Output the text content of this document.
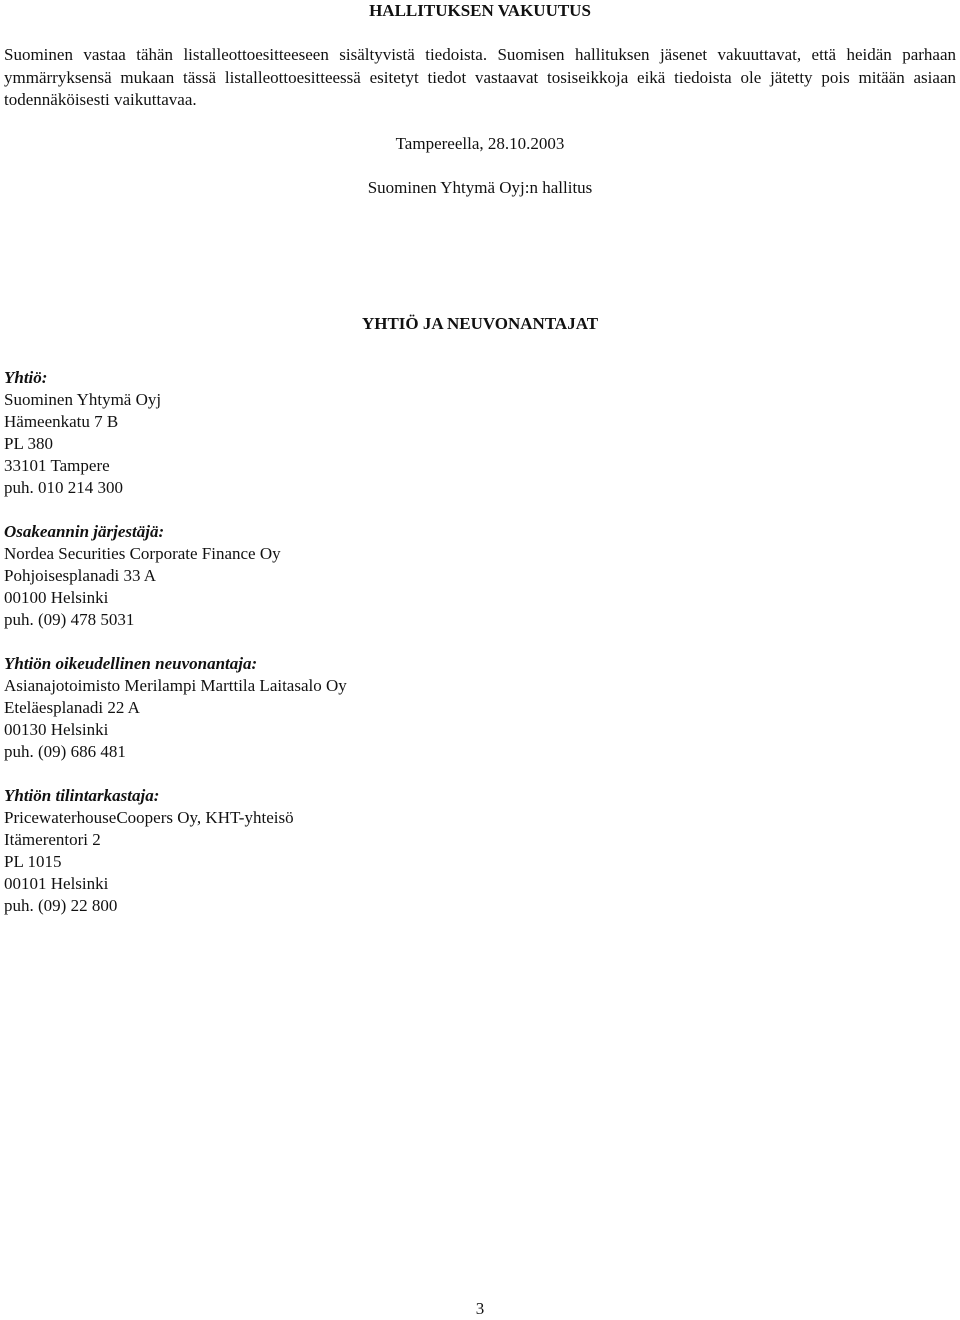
HALLITUKSEN VAKUUTUS

Suominen vastaa tähän listalleottoesitteeseen sisältyvistä tiedoista. Suomisen hallituksen jäsenet vakuuttavat, että heidän parhaan ymmärryksensä mukaan tässä listalleottoesitteessä esitetyt tiedot vastaavat tosiseikkoja eikä tiedoista ole jätetty pois mitään asiaan todennäköisesti vaikuttavaa.

Tampereella, 28.10.2003
Suominen Yhtymä Oyj:n hallitus
YHTIÖ JA NEUVONANTAJAT

Yhtiö:

Suominen Yhtymä Oyj

Hämeenkatu 7 B

PL 380

33101 Tampere

puh. 010 214 300

Osakeannin järjestäjä:

Nordea Securities Corporate Finance Oy

Pohjoisesplanadi 33 A

00100 Helsinki

puh. (09) 478 5031

Yhtiön oikeudellinen neuvonantaja:

Asianajotoimisto Merilampi Marttila Laitasalo Oy

Eteläesplanadi 22 A

00130 Helsinki

puh. (09) 686 481

Yhtiön tilintarkastaja:

PricewaterhouseCoopers Oy, KHT-yhteisö

Itämerentori 2

PL 1015

00101 Helsinki

puh. (09) 22 800

3
